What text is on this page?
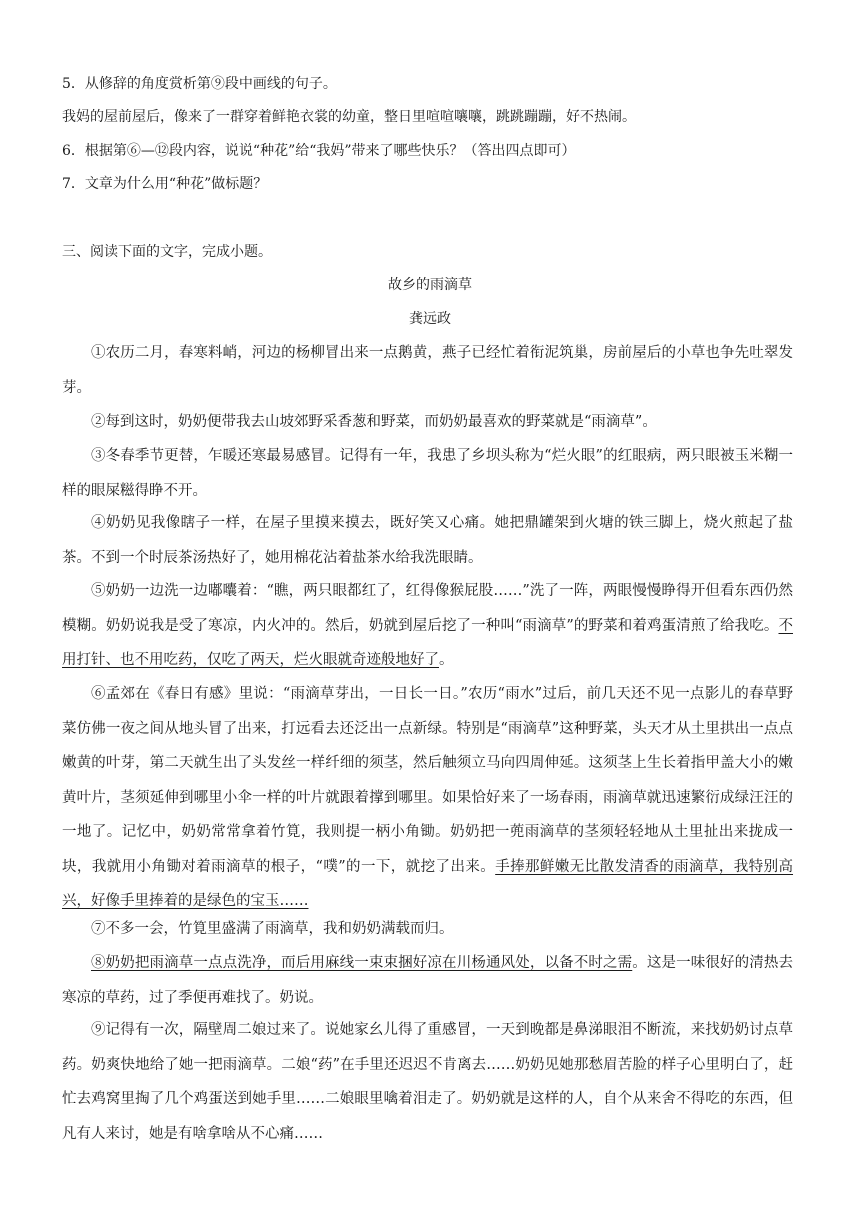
5．从修辞的角度赏析第⑨段中画线的句子。
我妈的屋前屋后，像来了一群穿着鲜艳衣裳的幼童，整日里喧喧嚷嚷，跳跳蹦蹦，好不热闹。
6．根据第⑥—⑫段内容，说说“种花”给“我妈”带来了哪些快乐？（答出四点即可）
7．文章为什么用“种花”做标题？
三、阅读下面的文字，完成小题。
故乡的雨滴草
龚远政
①农历二月，春寒料峭，河边的杨柳冒出来一点鹅黄，燕子已经忙着衔泥筑巢，房前屋后的小草也争先吐翠发芽。
②每到这时，奶奶便带我去山坡郊野采香葱和野菜，而奶奶最喜欢的野菜就是“雨滴草”。
③冬春季节更替，乍暖还寒最易感冒。记得有一年，我患了乡坝头称为“烂火眼”的红眼病，两只眼被玉米糊一样的眼屎糍得睁不开。
④奶奶见我像瞎子一样，在屋子里摸来摸去，既好笑又心痛。她把鼎罐架到火塘的铁三脚上，烧火煎起了盐茶。不到一个时辰茶汤热好了，她用棉花沾着盐茶水给我洗眼睛。
⑤奶奶一边洗一边嘟囔着：“瞧，两只眼都红了，红得像猴屁股……”洗了一阵，两眼慢慢睁得开但看东西仍然模糊。奶奶说我是受了寒凉，内火冲的。然后，奶就到屋后挖了一种叫“雨滴草”的野菜和着鸡蛋清煎了给我吃。不用打针、也不用吃药，仅吃了两天，烂火眼就奇迹般地好了。
⑥孟郊在《春日有感》里说：“雨滴草芽出，一日长一日。”农历“雨水”过后，前几天还不见一点影儿的春草野菜仿佛一夜之间从地头冒了出来，打远看去还泛出一点新绿。特别是“雨滴草”这种野菜，头天才从土里拱出一点点嫩黄的叶芽，第二天就生出了头发丝一样纤细的须茎，然后触须立马向四周伸延。这须茎上生长着指甲盖大小的嫩黄叶片，茎须延伸到哪里小伞一样的叶片就跟着撑到哪里。如果恰好来了一场春雨，雨滴草就迅速繁衍成绿汪汪的一地了。记忆中，奶奶常常拿着竹筧，我则提一柄小角锄。奶奶把一蔸雨滴草的茎须轻轻地从土里扯出来拢成一块，我就用小角锄对着雨滴草的根子，“噗”的一下，就挖了出来。手捧那鲜嫩无比散发清香的雨滴草，我特别高兴，好像手里捧着的是绿色的宝玉……
⑦不多一会，竹筧里盛满了雨滴草，我和奶奶满载而归。
⑧奶奶把雨滴草一点点洗净，而后用麻线一束束捆好凉在川杨通风处，以备不时之需。这是一味很好的清热去寒凉的草药，过了季便再难找了。奶说。
⑨记得有一次，隔壁周二娘过来了。说她家幺儿得了重感冒，一天到晚都是鼻涕眼泪不断流，来找奶奶讨点草药。奶爽快地给了她一把雨滴草。二娘“药”在手里还迟迟不肯离去……奶奶见她那愁眉苦脸的样子心里明白了，赶忙去鸡窝里掏了几个鸡蛋送到她手里……二娘眼里噙着泪走了。奶奶就是这样的人，自个从来舍不得吃的东西，但凡有人来讨，她是有啥拿啥从不心痛……
